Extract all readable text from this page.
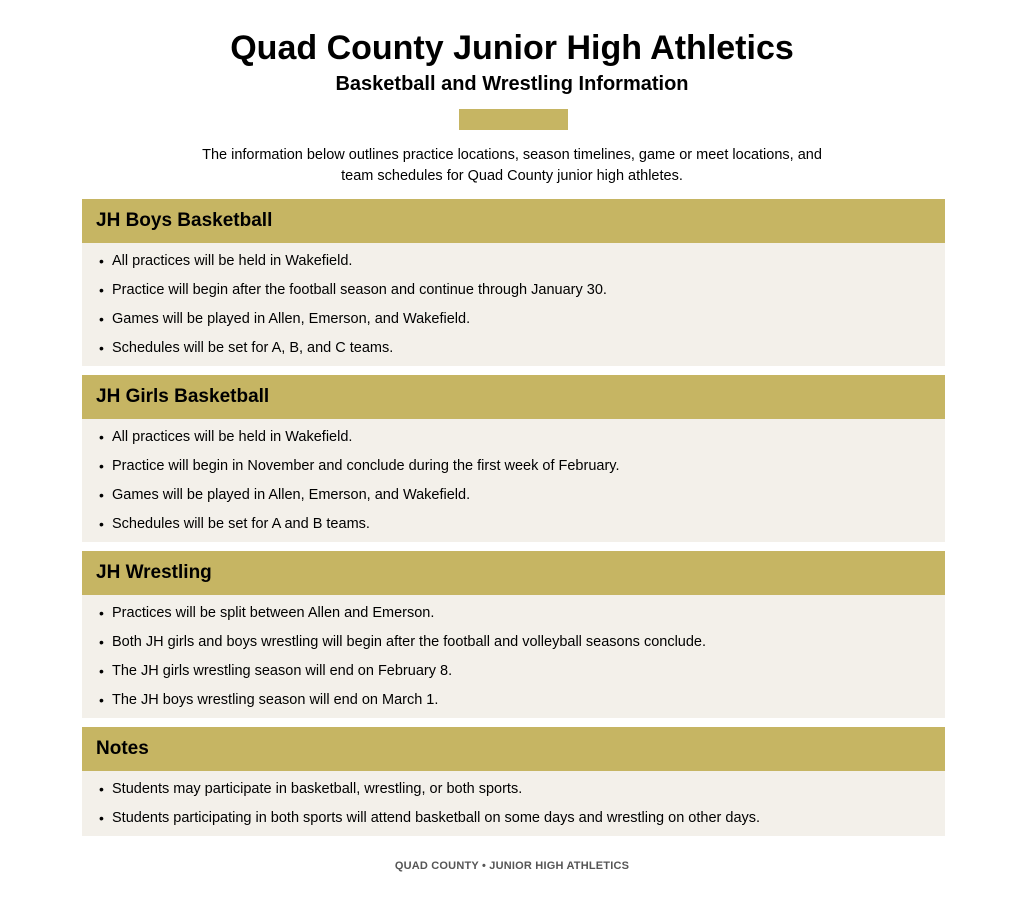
Quad County Junior High Athletics
Basketball and Wrestling Information

The information below outlines practice locations, season timelines, game or meet locations, and team schedules for Quad County junior high athletes.

JH Boys Basketball
• All practices will be held in Wakefield.
• Practice will begin after the football season and continue through January 30.
• Games will be played in Allen, Emerson, and Wakefield.
• Schedules will be set for A, B, and C teams.
JH Girls Basketball
• All practices will be held in Wakefield.
• Practice will begin in November and conclude during the first week of February.
• Games will be played in Allen, Emerson, and Wakefield.
• Schedules will be set for A and B teams.
JH Wrestling
• Practices will be split between Allen and Emerson.
• Both JH girls and boys wrestling will begin after the football and volleyball seasons conclude.
• The JH girls wrestling season will end on February 8.
• The JH boys wrestling season will end on March 1.
Notes
• Students may participate in basketball, wrestling, or both sports.
• Students participating in both sports will attend basketball on some days and wrestling on other days.
QUAD COUNTY • JUNIOR HIGH ATHLETICS
